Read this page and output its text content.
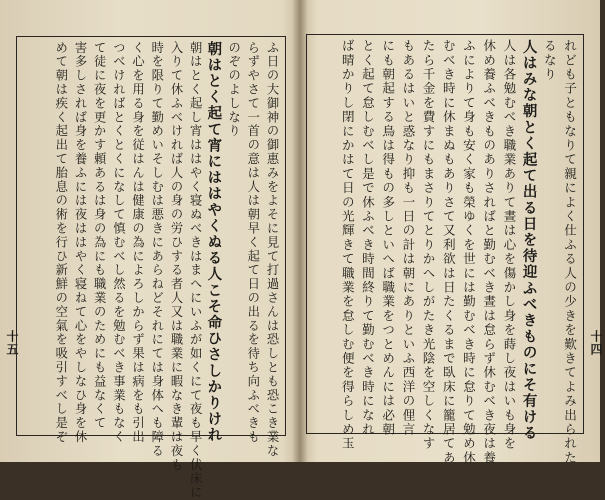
十五	ふ日の大御神の御惠みをよそに見て打過さんは恐しとも恐こき業な
らずやさて一首の意は人は朝早く起て日の出るを待ち向ふべきも
のぞのよしなり
朝はとく起て宵にははやくぬる人こそ命ひさしかりけれ
朝はとく起し宵ははやく寝ぬべきはまへにいふが如くにて夜も早く伏床に
入りて休ふべければ人の身の労ひする者人又は職業に暇なき輩は夜も
時を限りて勤めいそしむは悪きにあらねどそれにては身体へも障る
く心を用る身を従はんは健康の為によろしからず果は病をも引出
つべければとくとくになして慎むべし然るを勉むべき事業もなく
て徒に夜を更かす頼あるは身の為にも職業のためにも益なくて
害多しされば身を養ふには夜ははやく寝ねて心をやしなひ身を休
めて朝は疾く起出て胎息の術を行ひ新鮮の空氣を吸引すべし是ぞ	れども子ともなりて親によく仕ふる人の少きを歎きてよみ出られた
るなり
人はみな朝とく起て出る日を待迎ふべきものにそ有ける
人は各勉むべき職業ありて晝は心を傷かし身を蒔し夜はいも身を
休め養ふべきものありさればと勤むべき晝は怠らず休むべき夜は養
ふによりて身も安く家も榮ゆくを世には勤むべき時に怠りて勉め休
むべき時に休まぬもありさて又利欲は日たくるまで臥床に籠居てあ
たら千金を費すにもまさりてとりかへしがたき光陰を空しくなす
もあるはいと惑なり抑も一日の計は朝にありといふ西洋の俚言
にも朝起する鳥は得もの多しといへば職業をつとめんには必朝
とく起て怠しむべし是で休ふべき時間終りて勤むべき時になれ
ば晴かりし閉にかはて日の光輝きて職業を怠しむ便を得らしめ玉	十四
